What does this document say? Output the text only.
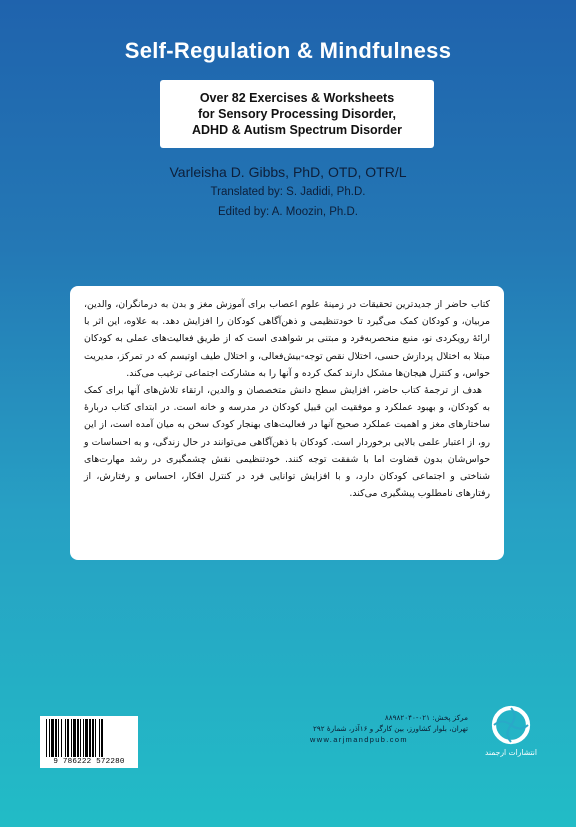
Self-Regulation & Mindfulness
Over 82 Exercises & Worksheets
for Sensory Processing Disorder,
ADHD & Autism Spectrum Disorder
Varleisha D. Gibbs, PhD, OTD, OTR/L
Translated by: S. Jadidi, Ph.D.
Edited by: A. Moozin, Ph.D.

کتاب حاضر از جدیدترین تحقیقات در زمینهٔ علوم اعصاب برای آموزش مغز و بدن به درمانگران، والدین، مربیان، و کودکان کمک می‌گیرد تا خودتنظیمی و ذهن‌آگاهی کودکان را افزایش دهد. به علاوه، این اثر با ارائهٔ رویکردی نو، منبع منحصربه‌فرد و مبتنی بر شواهدی است که از طریق فعالیت‌های عملی به کودکان مبتلا به اختلال پردازش حسی، اختلال نقص توجه-بیش‌فعالی، و اختلال طیف اوتیسم که در تمرکز، مدیریت حواس، و کنترل هیجان‌ها مشکل دارند کمک کرده و آنها را به مشارکت اجتماعی ترغیب می‌کند.

هدف از ترجمهٔ کتاب حاضر، افزایش سطح دانش متخصصان و والدین، ارتقاء تلاش‌های آنها برای کمک به کودکان، و بهبود عملکرد و موفقیت این قبیل کودکان در مدرسه و خانه است. در ابتدای کتاب دربارهٔ ساختارهای مغز و اهمیت عملکرد صحیح آنها در فعالیت‌های بهنجار کودک سخن به میان آمده است، از این رو، از اعتبار علمی بالایی برخوردار است. کودکان با ذهن‌آگاهی می‌توانند در حال زندگی، و به احساسات و حواس‌شان بدون قضاوت اما با شفقت توجه کنند. خودتنظیمی نقش چشمگیری در رشد مهارت‌های شناختی و اجتماعی کودکان دارد، و با افزایش توانایی فرد در کنترل افکار، احساس و رفتارش، از رفتارهای نامطلوب پیشگیری می‌کند.

9 786222 572280
مرکز پخش: ۰۲۱-۸۸۹۸۲۰۴۰
تهران، بلوار کشاورز، بین کارگر و ۱۶آذر، شمارهٔ ۲۹۲
www.arjmandpub.com
انتشارات ارجمند
